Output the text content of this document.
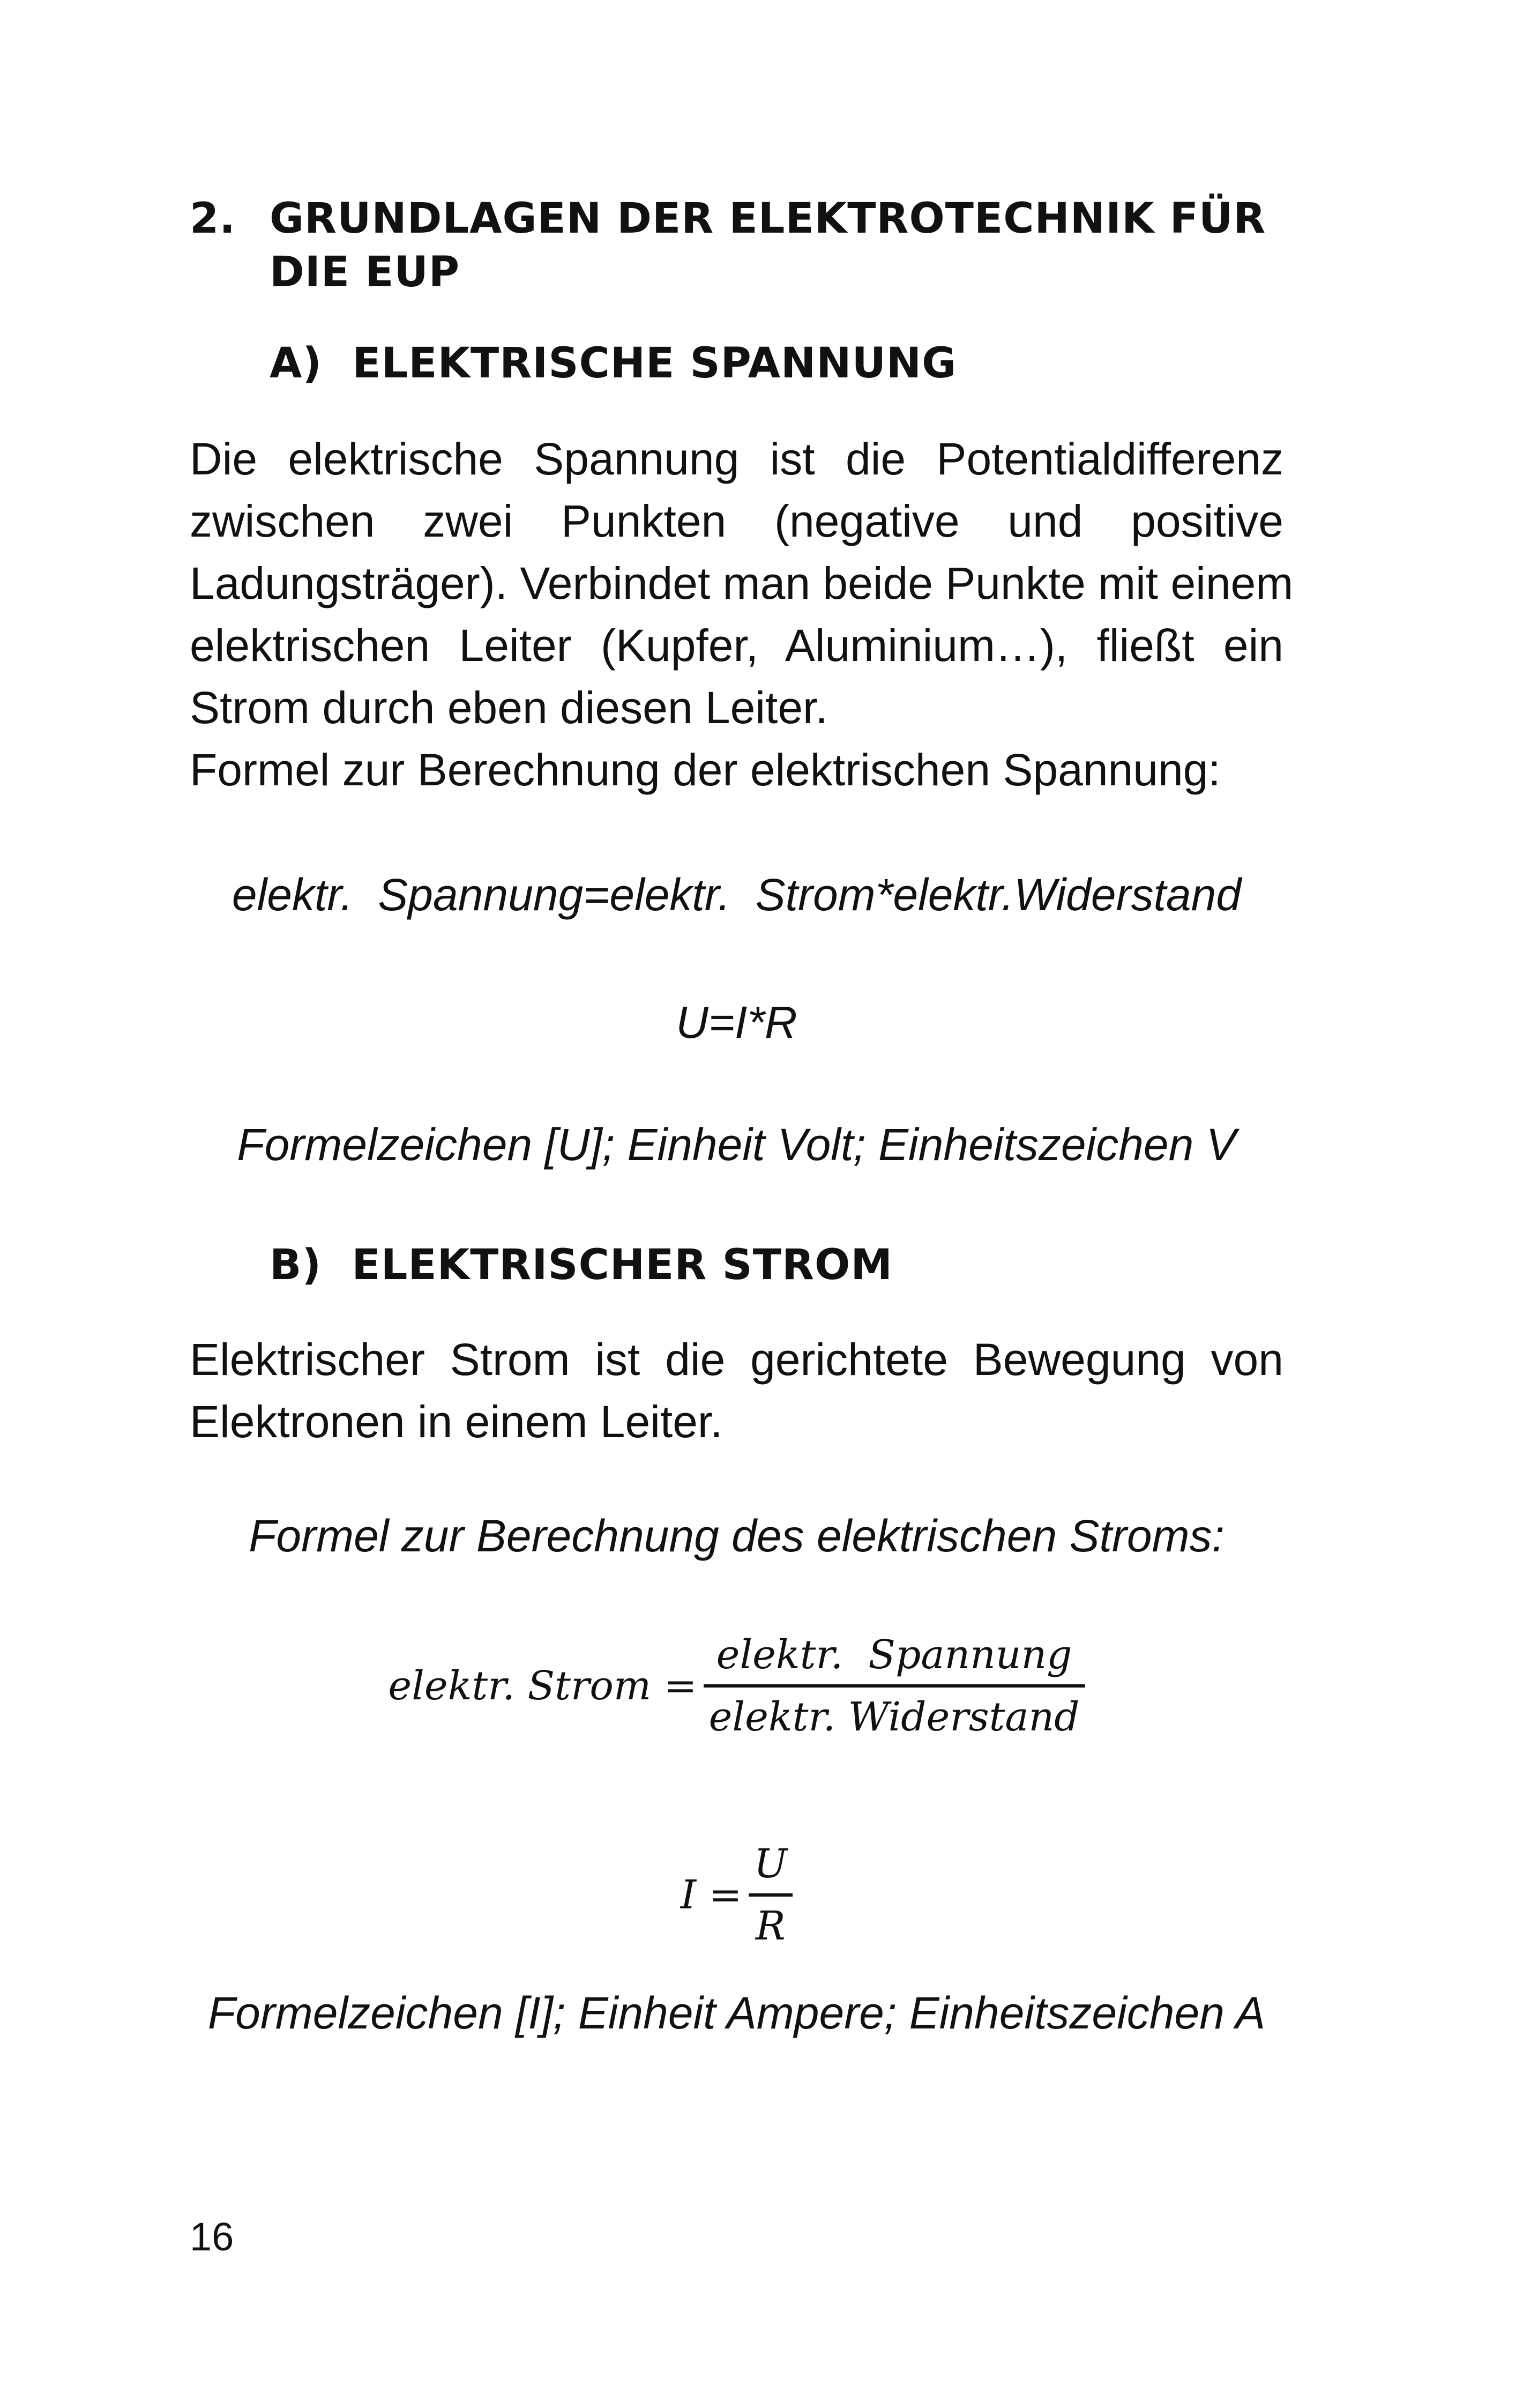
2. GRUNDLAGEN DER ELEKTROTECHNIK FÜR
DIE EUP
A)  ELEKTRISCHE SPANNUNG
Die elektrische Spannung ist die Potentialdifferenz
zwischen zwei Punkten (negative und positive
Ladungsträger). Verbindet man beide Punkte mit einem
elektrischen Leiter (Kupfer, Aluminium…), fließt ein
Strom durch eben diesen Leiter.
Formel zur Berechnung der elektrischen Spannung:
elektr.  Spannung=elektr.  Strom*elektr.Widerstand
U=I*R
Formelzeichen [U]; Einheit Volt; Einheitszeichen V
B)  ELEKTRISCHER STROM
Elektrischer Strom ist die gerichtete Bewegung von
Elektronen in einem Leiter.
Formel zur Berechnung des elektrischen Stroms:
elektr. Strom =
elektr.  Spannung
elektr. Widerstand
I =
U
R
Formelzeichen [I]; Einheit Ampere; Einheitszeichen A
16
